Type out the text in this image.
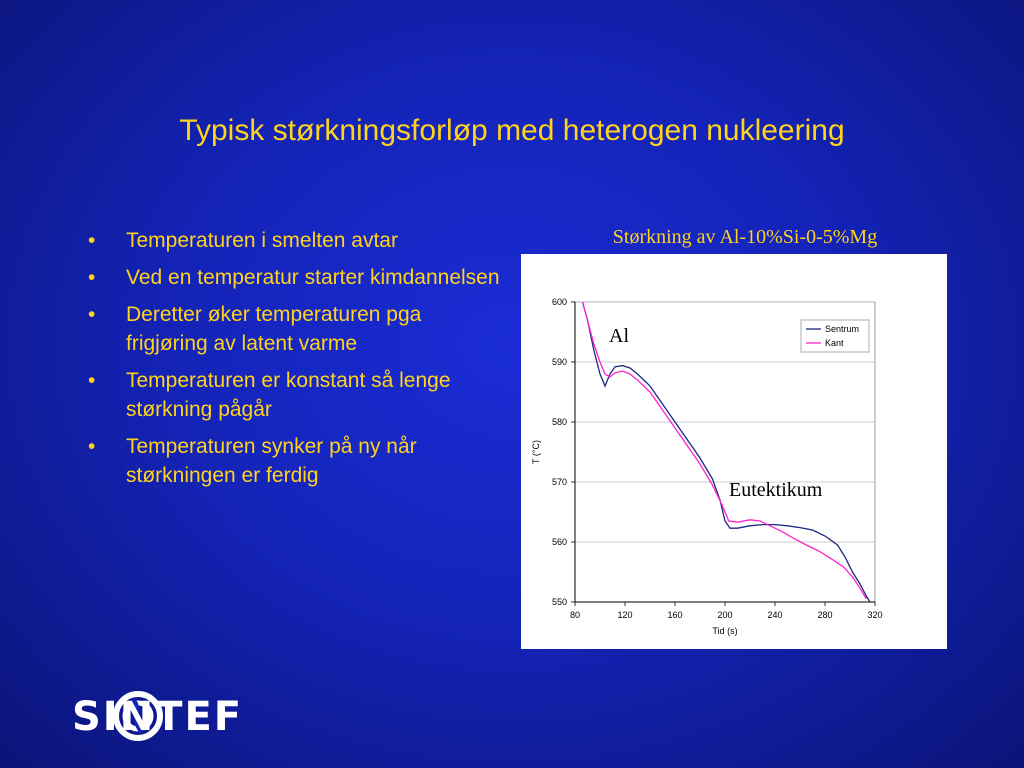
Typisk størkningsforløp med heterogen nukleering
• Temperaturen i smelten avtar
• Ved en temperatur starter kimdannelsen
• Deretter øker temperaturen pga frigjøring av latent varme
• Temperaturen er konstant så lenge størkning pågår
• Temperaturen synker på ny når størkningen er ferdig
Størkning av Al-10%Si-0-5%Mg
600
590
580
570
560
550
80	120	160	200	240	280	320
Tid (s)
T (°C)
Sentrum
Kant
Al
Eutektikum
SINTEF
